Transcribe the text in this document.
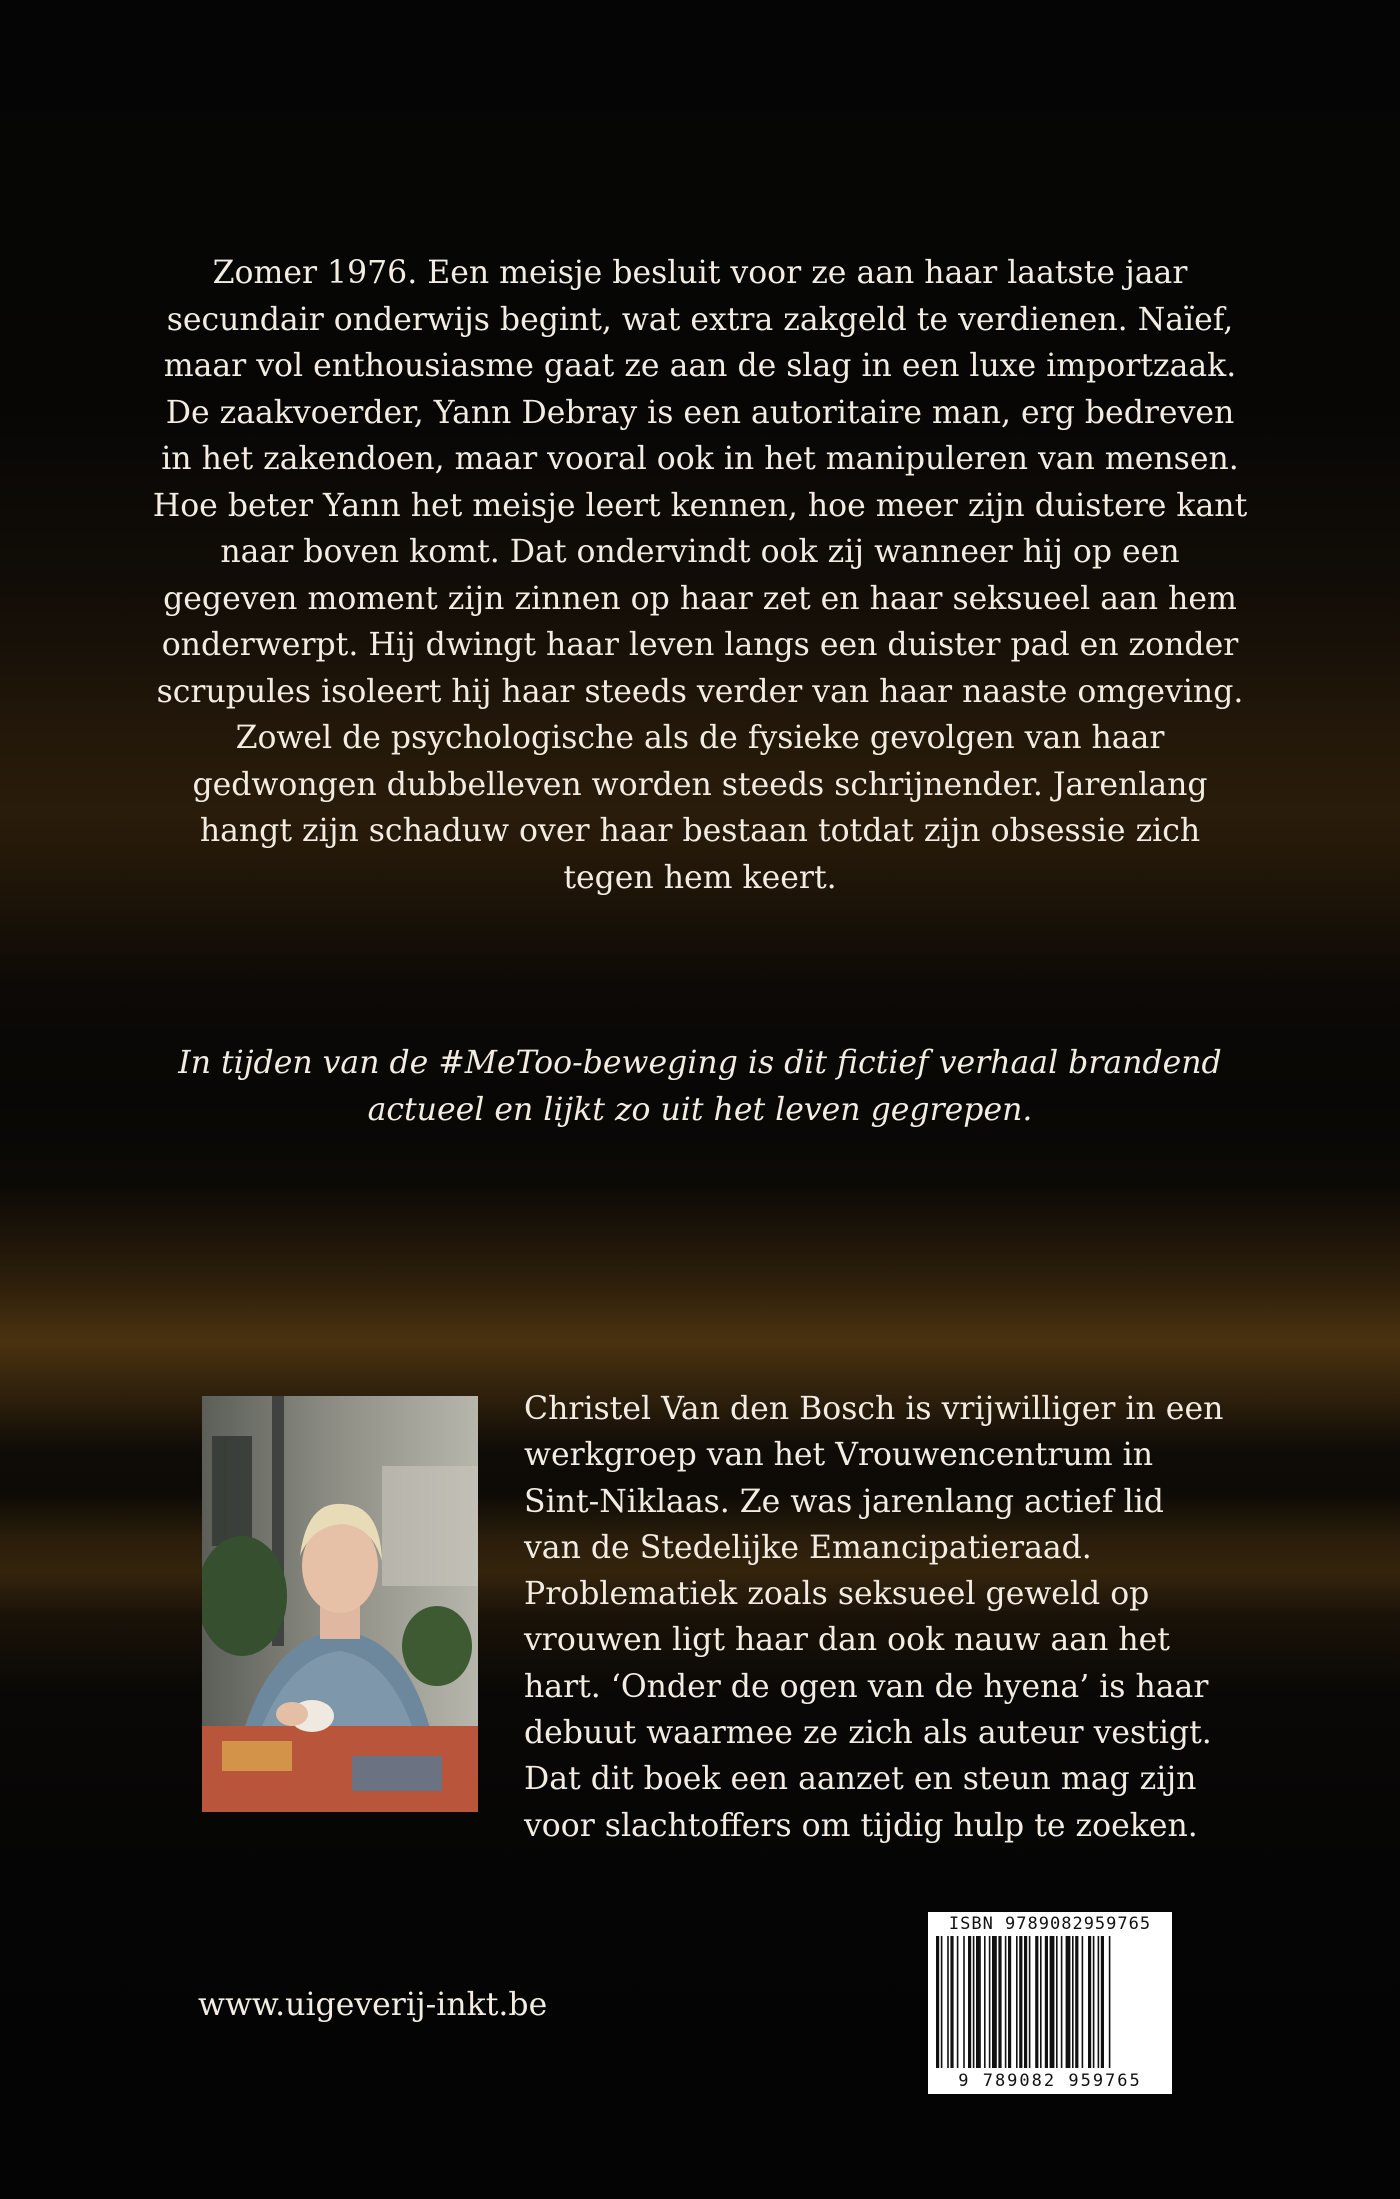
Zomer 1976. Een meisje besluit voor ze aan haar laatste jaar secundair onderwijs begint, wat extra zakgeld te verdienen. Naïef, maar vol enthousiasme gaat ze aan de slag in een luxe importzaak. De zaakvoerder, Yann Debray is een autoritaire man, erg bedreven in het zakendoen, maar vooral ook in het manipuleren van mensen.

Hoe beter Yann het meisje leert kennen, hoe meer zijn duistere kant naar boven komt. Dat ondervindt ook zij wanneer hij op een gegeven moment zijn zinnen op haar zet en haar seksueel aan hem onderwerpt. Hij dwingt haar leven langs een duister pad en zonder scrupules isoleert hij haar steeds verder van haar naaste omgeving.

Zowel de psychologische als de fysieke gevolgen van haar gedwongen dubbelleven worden steeds schrijnender. Jarenlang hangt zijn schaduw over haar bestaan totdat zijn obsessie zich tegen hem keert.

In tijden van de #MeToo-beweging is dit fictief verhaal brandend actueel en lijkt zo uit het leven gegrepen.
Christel Van den Bosch is vrijwilliger in een werkgroep van het Vrouwencentrum in Sint-Niklaas. Ze was jarenlang actief lid van de Stedelijke Emancipatieraad. Problematiek zoals seksueel geweld op vrouwen ligt haar dan ook nauw aan het hart. ‘Onder de ogen van de hyena’ is haar debuut waarmee ze zich als auteur vestigt. Dat dit boek een aanzet en steun mag zijn voor slachtoffers om tijdig hulp te zoeken.
www.uigeverij-inkt.be
ISBN 9789082959765
9 789082 959765
